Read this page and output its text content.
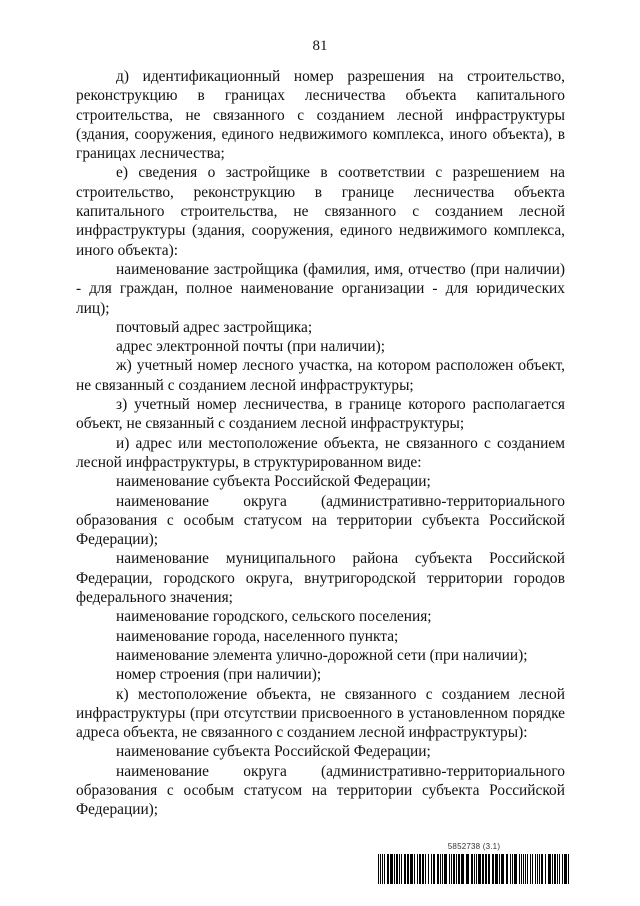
81

д) идентификационный номер разрешения на строительство, реконструкцию в границах лесничества объекта капитального строительства, не связанного с созданием лесной инфраструктуры (здания, сооружения, единого недвижимого комплекса, иного объекта), в границах лесничества;

е) сведения о застройщике в соответствии с разрешением на строительство, реконструкцию в границе лесничества объекта капитального строительства, не связанного с созданием лесной инфраструктуры (здания, сооружения, единого недвижимого комплекса, иного объекта):

наименование застройщика (фамилия, имя, отчество (при наличии) - для граждан, полное наименование организации - для юридических лиц);

почтовый адрес застройщика;

адрес электронной почты (при наличии);

ж) учетный номер лесного участка, на котором расположен объект, не связанный с созданием лесной инфраструктуры;

з) учетный номер лесничества, в границе которого располагается объект, не связанный с созданием лесной инфраструктуры;

и) адрес или местоположение объекта, не связанного с созданием лесной инфраструктуры, в структурированном виде:

наименование субъекта Российской Федерации;

наименование округа (административно-территориального образования с особым статусом на территории субъекта Российской Федерации);

наименование муниципального района субъекта Российской Федерации, городского округа, внутригородской территории городов федерального значения;

наименование городского, сельского поселения;

наименование города, населенного пункта;

наименование элемента улично-дорожной сети (при наличии);

номер строения (при наличии);

к) местоположение объекта, не связанного с созданием лесной инфраструктуры (при отсутствии присвоенного в установленном порядке адреса объекта, не связанного с созданием лесной инфраструктуры):

наименование субъекта Российской Федерации;

наименование округа (административно-территориального образования с особым статусом на территории субъекта Российской Федерации);

5852738 (3.1)
